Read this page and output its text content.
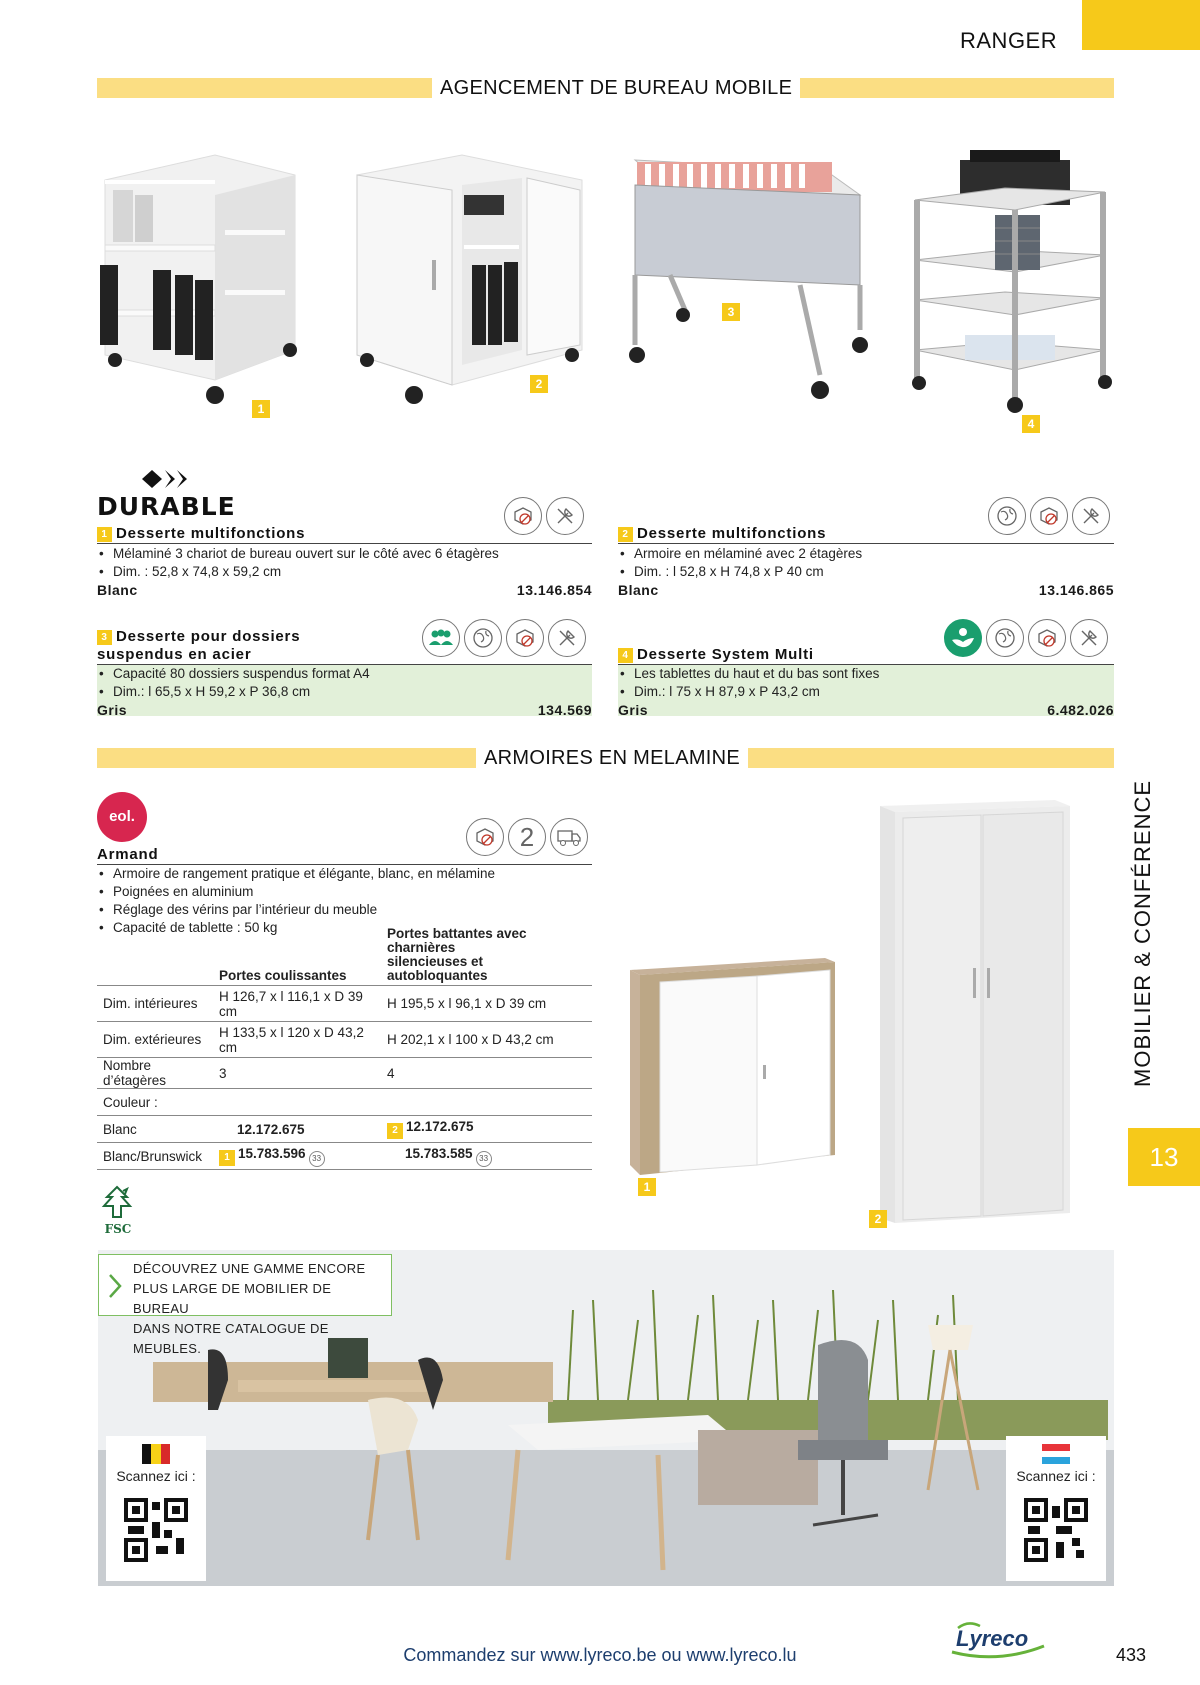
RANGER
AGENCEMENT DE BUREAU MOBILE
1
2
3
4
DURABLE
1 Desserte multifonctions
• Mélaminé 3 chariot de bureau ouvert sur le côté avec 6 étagères
• Dim. : 52,8 x 74,8 x 59,2 cm
Blanc	13.146.854
2 Desserte multifonctions
• Armoire en mélaminé avec 2 étagères
• Dim. : l 52,8 x H 74,8 x P 40 cm
Blanc	13.146.865
3 Desserte pour dossiers
suspendus en acier
• Capacité 80 dossiers suspendus format A4
• Dim.: l 65,5 x H 59,2 x P 36,8 cm
Gris	134.569
4 Desserte System Multi
• Les tablettes du haut et du bas sont fixes
• Dim.: l 75 x H 87,9 x P 43,2 cm
Gris	6.482.026
ARMOIRES EN MELAMINE
eol.
2
Armand
• Armoire de rangement pratique et élégante, blanc, en mélamine
• Poignées en aluminium
• Réglage des vérins par l’intérieur du meuble
• Capacité de tablette : 50 kg
	Portes coulissantes	Portes battantes avec charnières
silencieuses et autobloquantes

Dim. intérieures	H 126,7 x l 116,1 x D 39 cm	H 195,5 x l 96,1 x D 39 cm
Dim. extérieures	H 133,5 x l 120 x D 43,2 cm	H 202,1 x l 100 x D 43,2 cm
Nombre d’étagères	3	4
Couleur :		
Blanc	12.172.675	2 12.172.675
Blanc/Brunswick	1 15.783.596 33	15.783.585 33
FSC
1
2
MOBILIER & CONFÉRENCE
13
DÉCOUVREZ UNE GAMME ENCORE
PLUS LARGE DE MOBILIER DE BUREAU
DANS NOTRE CATALOGUE DE MEUBLES.
Scannez ici :	Scannez ici :
Commandez sur www.lyreco.be ou www.lyreco.lu
Lyreco
433
